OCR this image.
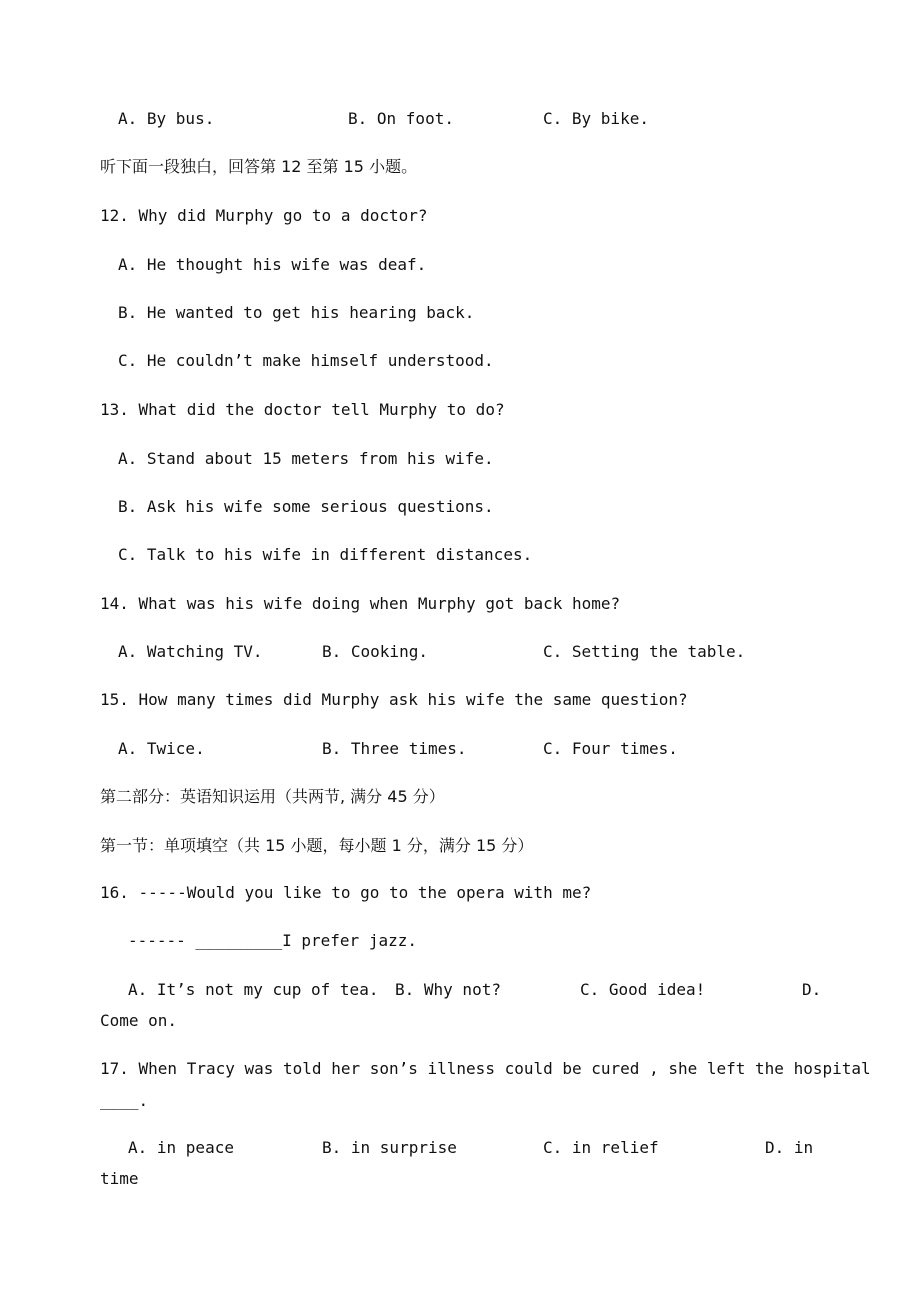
A. By bus.	B. On foot.	C. By bike.
听下面一段独白，回答第 12 至第 15 小题。
12. Why did Murphy go to a doctor?
A. He thought his wife was deaf.
B. He wanted to get his hearing back.
C. He couldn’t make himself understood.
13. What did the doctor tell Murphy to do?
A. Stand about 15 meters from his wife.
B. Ask his wife some serious questions.
C. Talk to his wife in different distances.
14. What was his wife doing when Murphy got back home?
A. Watching TV.	B. Cooking.	C. Setting the table.
15. How many times did Murphy ask his wife the same question?
A. Twice.	B. Three times.	C. Four times.
第二部分：英语知识运用（共两节, 满分 45 分）
第一节：单项填空（共 15 小题，每小题 1 分，满分 15 分）
16. -----Would you like to go to the opera with me?
------ _________I prefer jazz.
A. It’s not my cup of tea. B. Why not?	C. Good idea!	D.
Come on.
17. When Tracy was told her son’s illness could be cured , she left the hospital
____.
A. in peace	B. in surprise	C. in relief	D. in
time
